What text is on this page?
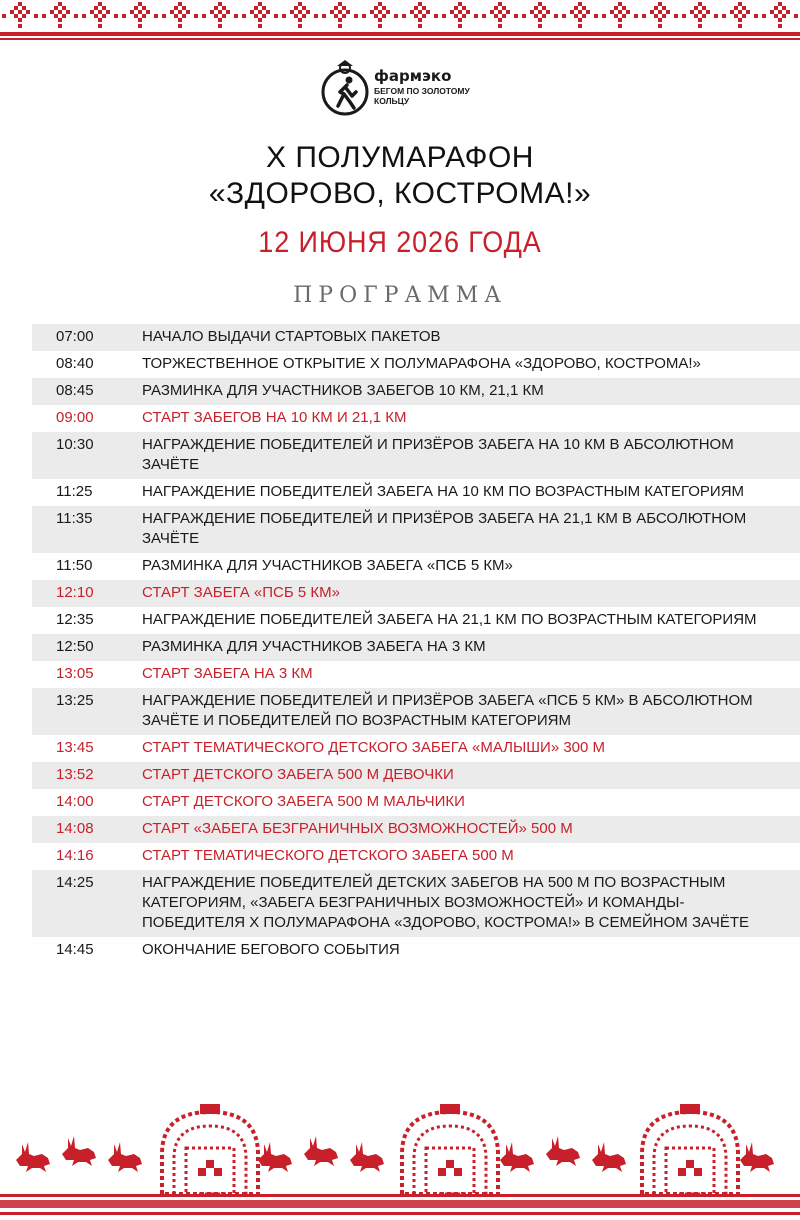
фармэко
БЕГОМ ПО ЗОЛОТОМУ КОЛЬЦУ
X ПОЛУМАРАФОН
«ЗДОРОВО, КОСТРОМА!»
12 ИЮНЯ 2026 ГОДА
ПРОГРАММА
07:00	НАЧАЛО ВЫДАЧИ СТАРТОВЫХ ПАКЕТОВ
08:40	ТОРЖЕСТВЕННОЕ ОТКРЫТИЕ X ПОЛУМАРАФОНА «ЗДОРОВО, КОСТРОМА!»
08:45	РАЗМИНКА ДЛЯ УЧАСТНИКОВ ЗАБЕГОВ 10 КМ, 21,1 КМ
09:00	СТАРТ ЗАБЕГОВ НА 10 КМ И 21,1 КМ
10:30	НАГРАЖДЕНИЕ ПОБЕДИТЕЛЕЙ И ПРИЗЁРОВ ЗАБЕГА НА 10 КМ В АБСОЛЮТНОМ ЗАЧЁТЕ
11:25	НАГРАЖДЕНИЕ ПОБЕДИТЕЛЕЙ ЗАБЕГА НА 10 КМ ПО ВОЗРАСТНЫМ КАТЕГОРИЯМ
11:35	НАГРАЖДЕНИЕ ПОБЕДИТЕЛЕЙ И ПРИЗЁРОВ ЗАБЕГА НА 21,1 КМ В АБСОЛЮТНОМ ЗАЧЁТЕ
11:50	РАЗМИНКА ДЛЯ УЧАСТНИКОВ ЗАБЕГА «ПСБ 5 КМ»
12:10	СТАРТ ЗАБЕГА «ПСБ 5 КМ»
12:35	НАГРАЖДЕНИЕ ПОБЕДИТЕЛЕЙ ЗАБЕГА НА 21,1 КМ ПО ВОЗРАСТНЫМ КАТЕГОРИЯМ
12:50	РАЗМИНКА ДЛЯ УЧАСТНИКОВ ЗАБЕГА НА 3 КМ
13:05	СТАРТ ЗАБЕГА НА 3 КМ
13:25	НАГРАЖДЕНИЕ ПОБЕДИТЕЛЕЙ И ПРИЗЁРОВ ЗАБЕГА «ПСБ 5 КМ» В АБСОЛЮТНОМ ЗАЧЁТЕ И ПОБЕДИТЕЛЕЙ ПО ВОЗРАСТНЫМ КАТЕГОРИЯМ
13:45	СТАРТ ТЕМАТИЧЕСКОГО ДЕТСКОГО ЗАБЕГА «МАЛЫШИ» 300 М
13:52	СТАРТ ДЕТСКОГО ЗАБЕГА 500 М ДЕВОЧКИ
14:00	СТАРТ ДЕТСКОГО ЗАБЕГА 500 М МАЛЬЧИКИ
14:08	СТАРТ «ЗАБЕГА БЕЗГРАНИЧНЫХ ВОЗМОЖНОСТЕЙ» 500 М
14:16	СТАРТ ТЕМАТИЧЕСКОГО ДЕТСКОГО ЗАБЕГА 500 М
14:25	НАГРАЖДЕНИЕ ПОБЕДИТЕЛЕЙ ДЕТСКИХ ЗАБЕГОВ НА 500 М ПО ВОЗРАСТНЫМ КАТЕГОРИЯМ, «ЗАБЕГА БЕЗГРАНИЧНЫХ ВОЗМОЖНОСТЕЙ» И КОМАНДЫ-ПОБЕДИТЕЛЯ X ПОЛУМАРАФОНА «ЗДОРОВО, КОСТРОМА!» В СЕМЕЙНОМ ЗАЧЁТЕ
14:45	ОКОНЧАНИЕ БЕГОВОГО СОБЫТИЯ
